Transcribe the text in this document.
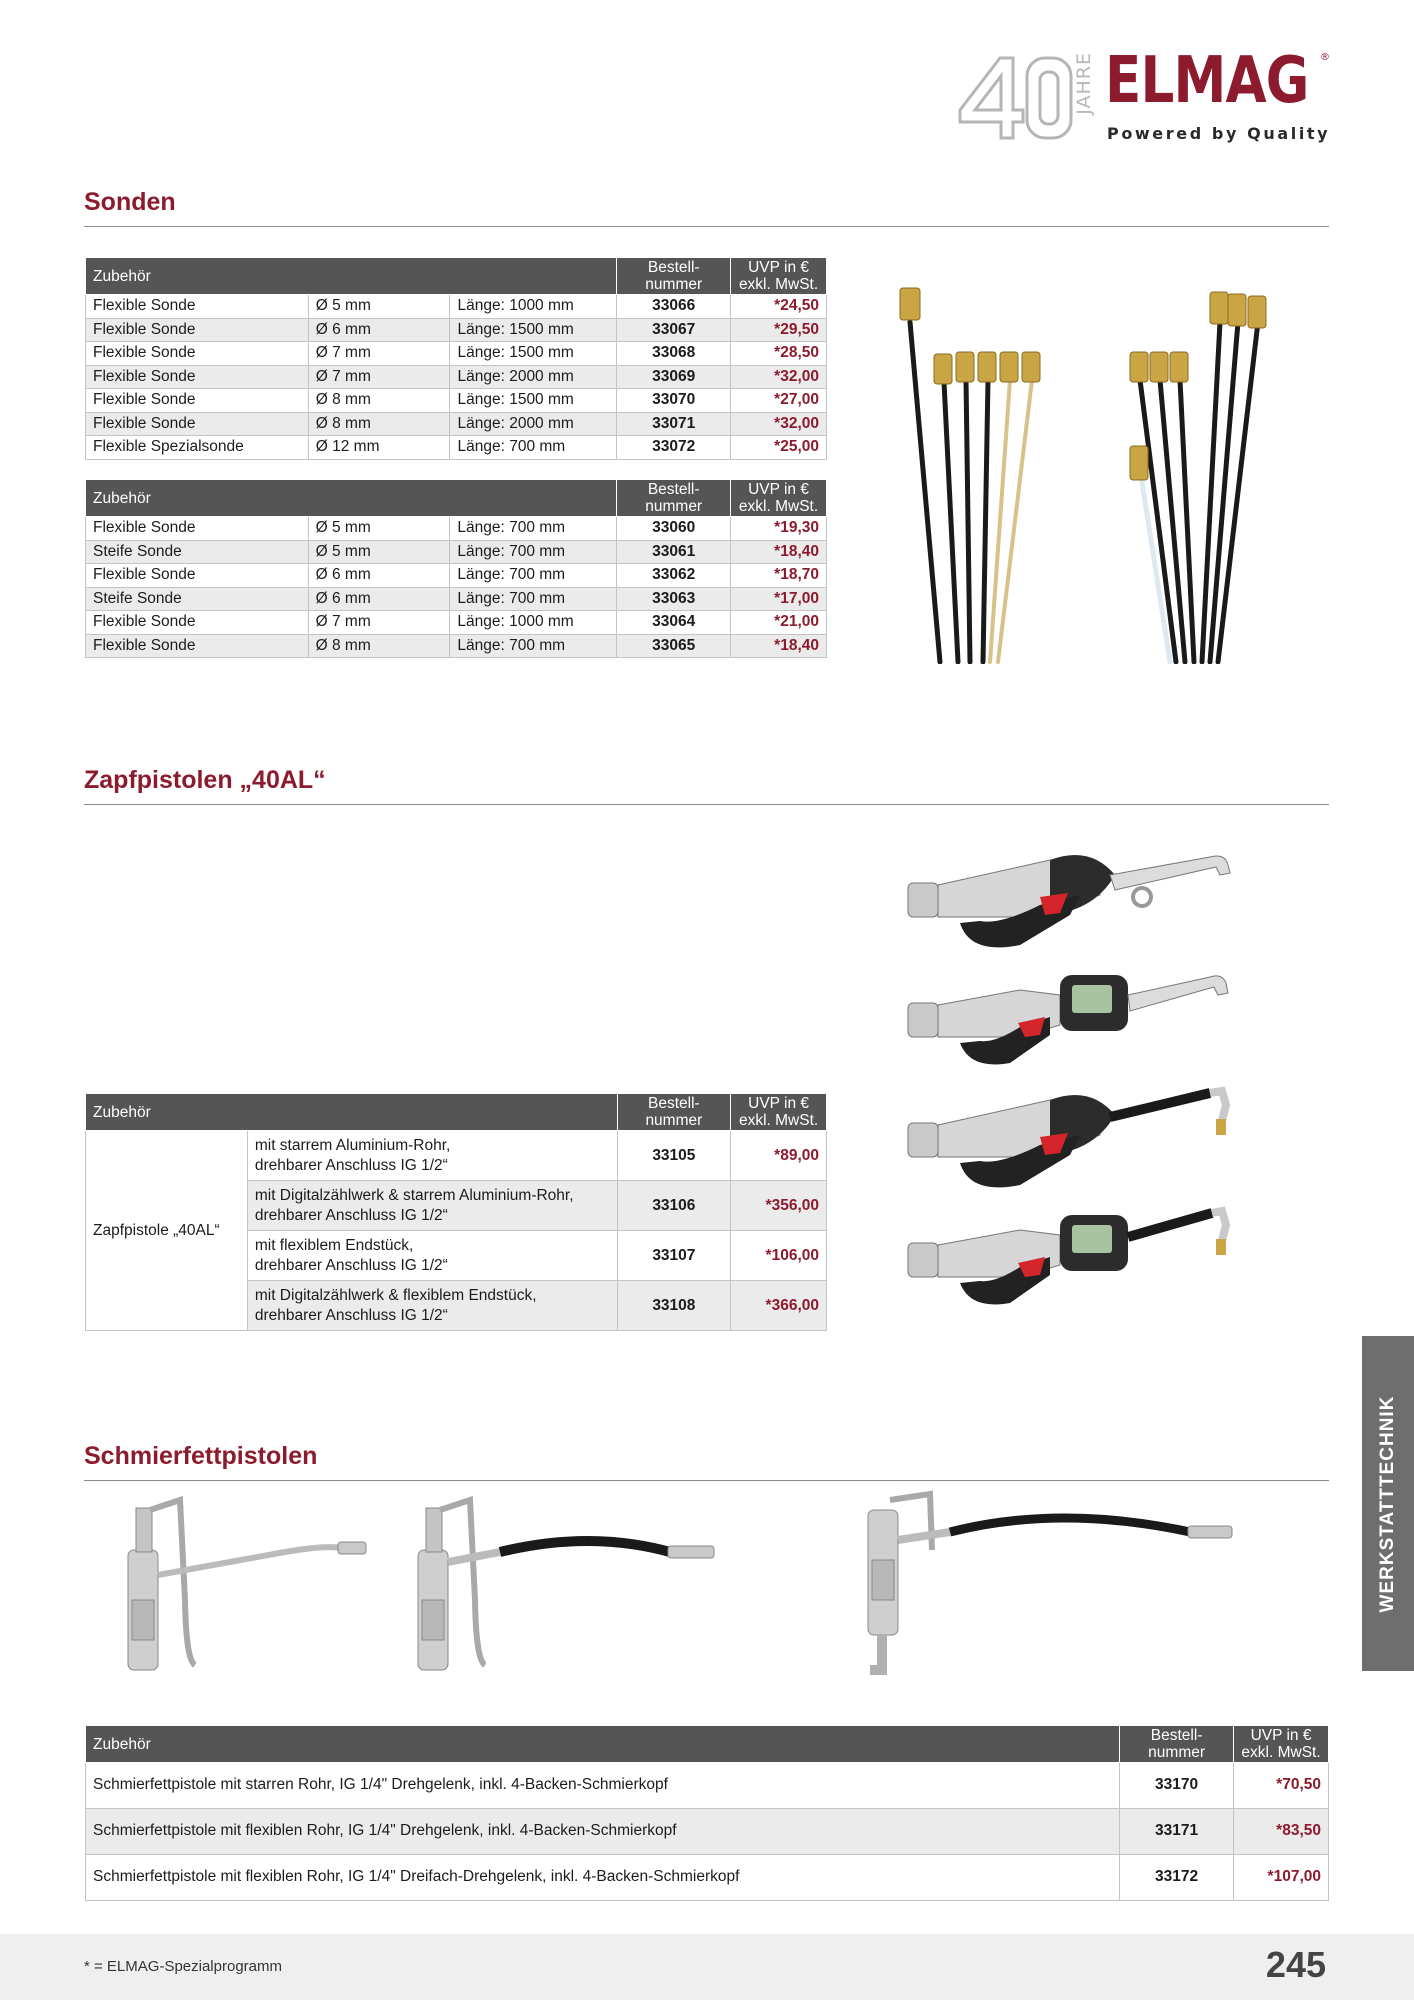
40
JAHRE ELMAG ®
Powered by Quality
Sonden
Zubehör			Bestell- nummer	UVP in € exkl. MwSt.
Flexible Sonde	Ø 5 mm	Länge: 1000 mm	33066	*24,50
Flexible Sonde	Ø 6 mm	Länge: 1500 mm	33067	*29,50
Flexible Sonde	Ø 7 mm	Länge: 1500 mm	33068	*28,50
Flexible Sonde	Ø 7 mm	Länge: 2000 mm	33069	*32,00
Flexible Sonde	Ø 8 mm	Länge: 1500 mm	33070	*27,00
Flexible Sonde	Ø 8 mm	Länge: 2000 mm	33071	*32,00
Flexible Spezialsonde	Ø 12 mm	Länge: 700 mm	33072	*25,00
Zubehör			Bestell- nummer	UVP in € exkl. MwSt.
Flexible Sonde	Ø 5 mm	Länge: 700 mm	33060	*19,30
Steife Sonde	Ø 5 mm	Länge: 700 mm	33061	*18,40
Flexible Sonde	Ø 6 mm	Länge: 700 mm	33062	*18,70
Steife Sonde	Ø 6 mm	Länge: 700 mm	33063	*17,00
Flexible Sonde	Ø 7 mm	Länge: 1000 mm	33064	*21,00
Flexible Sonde	Ø 8 mm	Länge: 700 mm	33065	*18,40
Zapfpistolen „40AL“
Zubehör		Bestell- nummer	UVP in € exkl. MwSt.
Zapfpistole „40AL“	mit starrem Aluminium-Rohr,
drehbarer Anschluss IG 1/2“	33105	*89,00

	mit Digitalzählwerk & starrem Aluminium-Rohr,
drehbarer Anschluss IG 1/2“	33106	*356,00

	mit flexiblem Endstück,
drehbarer Anschluss IG 1/2“	33107	*106,00

	mit Digitalzählwerk & flexiblem Endstück,
drehbarer Anschluss IG 1/2“	33108	*366,00
Schmierfettpistolen
Zubehör	Bestell- nummer	UVP in € exkl. MwSt.
Schmierfettpistole mit starren Rohr, IG 1/4" Drehgelenk, inkl. 4-Backen-Schmierkopf	33170	*70,50
Schmierfettpistole mit flexiblen Rohr, IG 1/4" Drehgelenk, inkl. 4-Backen-Schmierkopf	33171	*83,50
Schmierfettpistole mit flexiblen Rohr, IG 1/4" Dreifach-Drehgelenk, inkl. 4-Backen-Schmierkopf	33172	*107,00
WERKSTATTTECHNIK
* = ELMAG-Spezialprogramm	245
